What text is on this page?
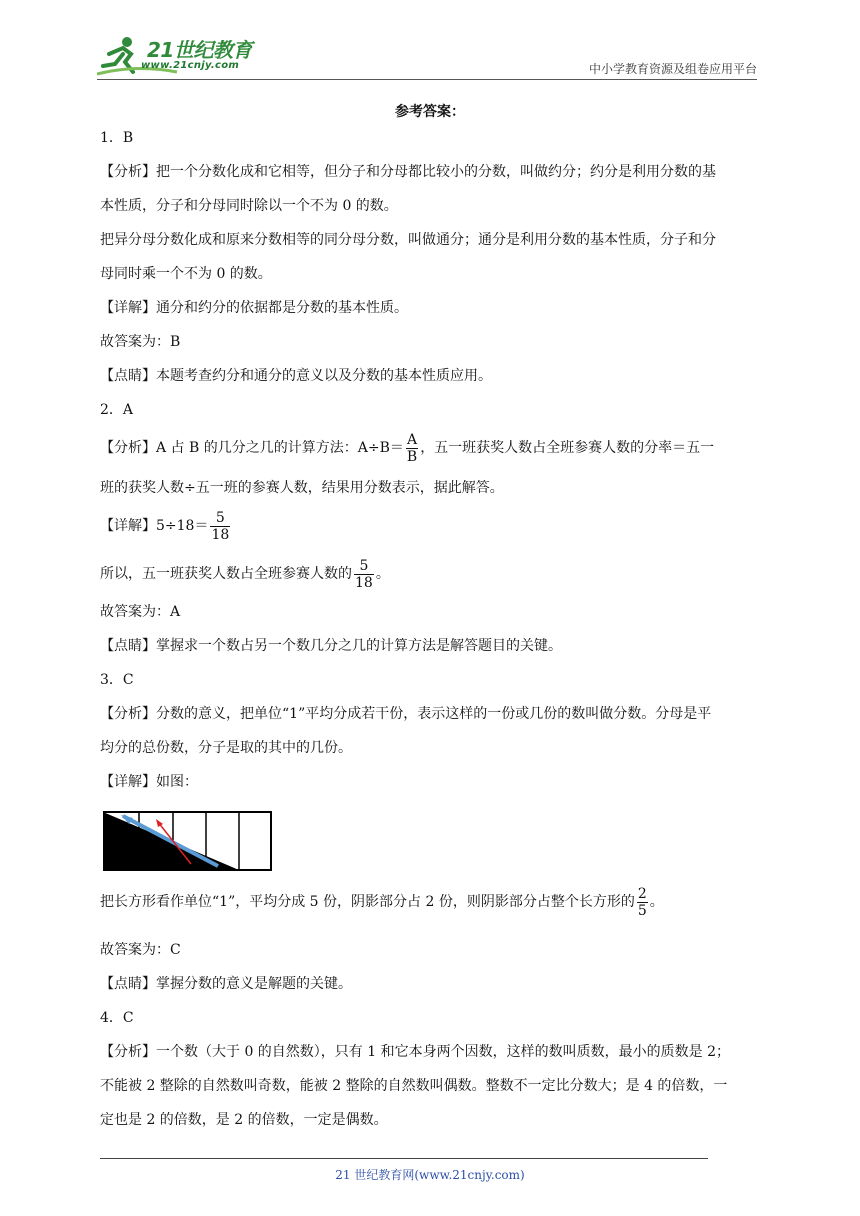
21世纪教育
www.21cnjy.com	中小学教育资源及组卷应用平台
参考答案：
1．B
【分析】把一个分数化成和它相等，但分子和分母都比较小的分数，叫做约分；约分是利用分数的基
本性质，分子和分母同时除以一个不为 0 的数。
把异分母分数化成和原来分数相等的同分母分数，叫做通分；通分是利用分数的基本性质，分子和分
母同时乘一个不为 0 的数。
【详解】通分和约分的依据都是分数的基本性质。
故答案为：B
【点睛】本题考查约分和通分的意义以及分数的基本性质应用。
2．A
【分析】A 占 B 的几分之几的计算方法：$A\div B= \frac{A}{B}$ ，五一班获奖人数占全班参赛人数的分率＝五一
班的获奖人数÷五一班的参赛人数，结果用分数表示，据此解答。
【详解】$5\div 18= \frac{5}{18}$
所以，五一班获奖人数占全班参赛人数的 $\frac{5}{18}$ 。
故答案为：A
【点睛】掌握求一个数占另一个数几分之几的计算方法是解答题目的关键。
3．C
【分析】分数的意义，把单位“1”平均分成若干份，表示这样的一份或几份的数叫做分数。分母是平
均分的总份数，分子是取的其中的几份。
【详解】如图：
把长方形看作单位“1”，平均分成 5 份，阴影部分占 2 份，则阴影部分占整个长方形的 $\frac{2}{5}$ 。
故答案为：C
【点睛】掌握分数的意义是解题的关键。
4．C
【分析】一个数（大于 0 的自然数），只有 1 和它本身两个因数，这样的数叫质数，最小的质数是 2；
不能被 2 整除的自然数叫奇数，能被 2 整除的自然数叫偶数。整数不一定比分数大；是 4 的倍数，一
定也是 2 的倍数，是 2 的倍数，一定是偶数。
21 世纪教育网(www.21cnjy.com)
